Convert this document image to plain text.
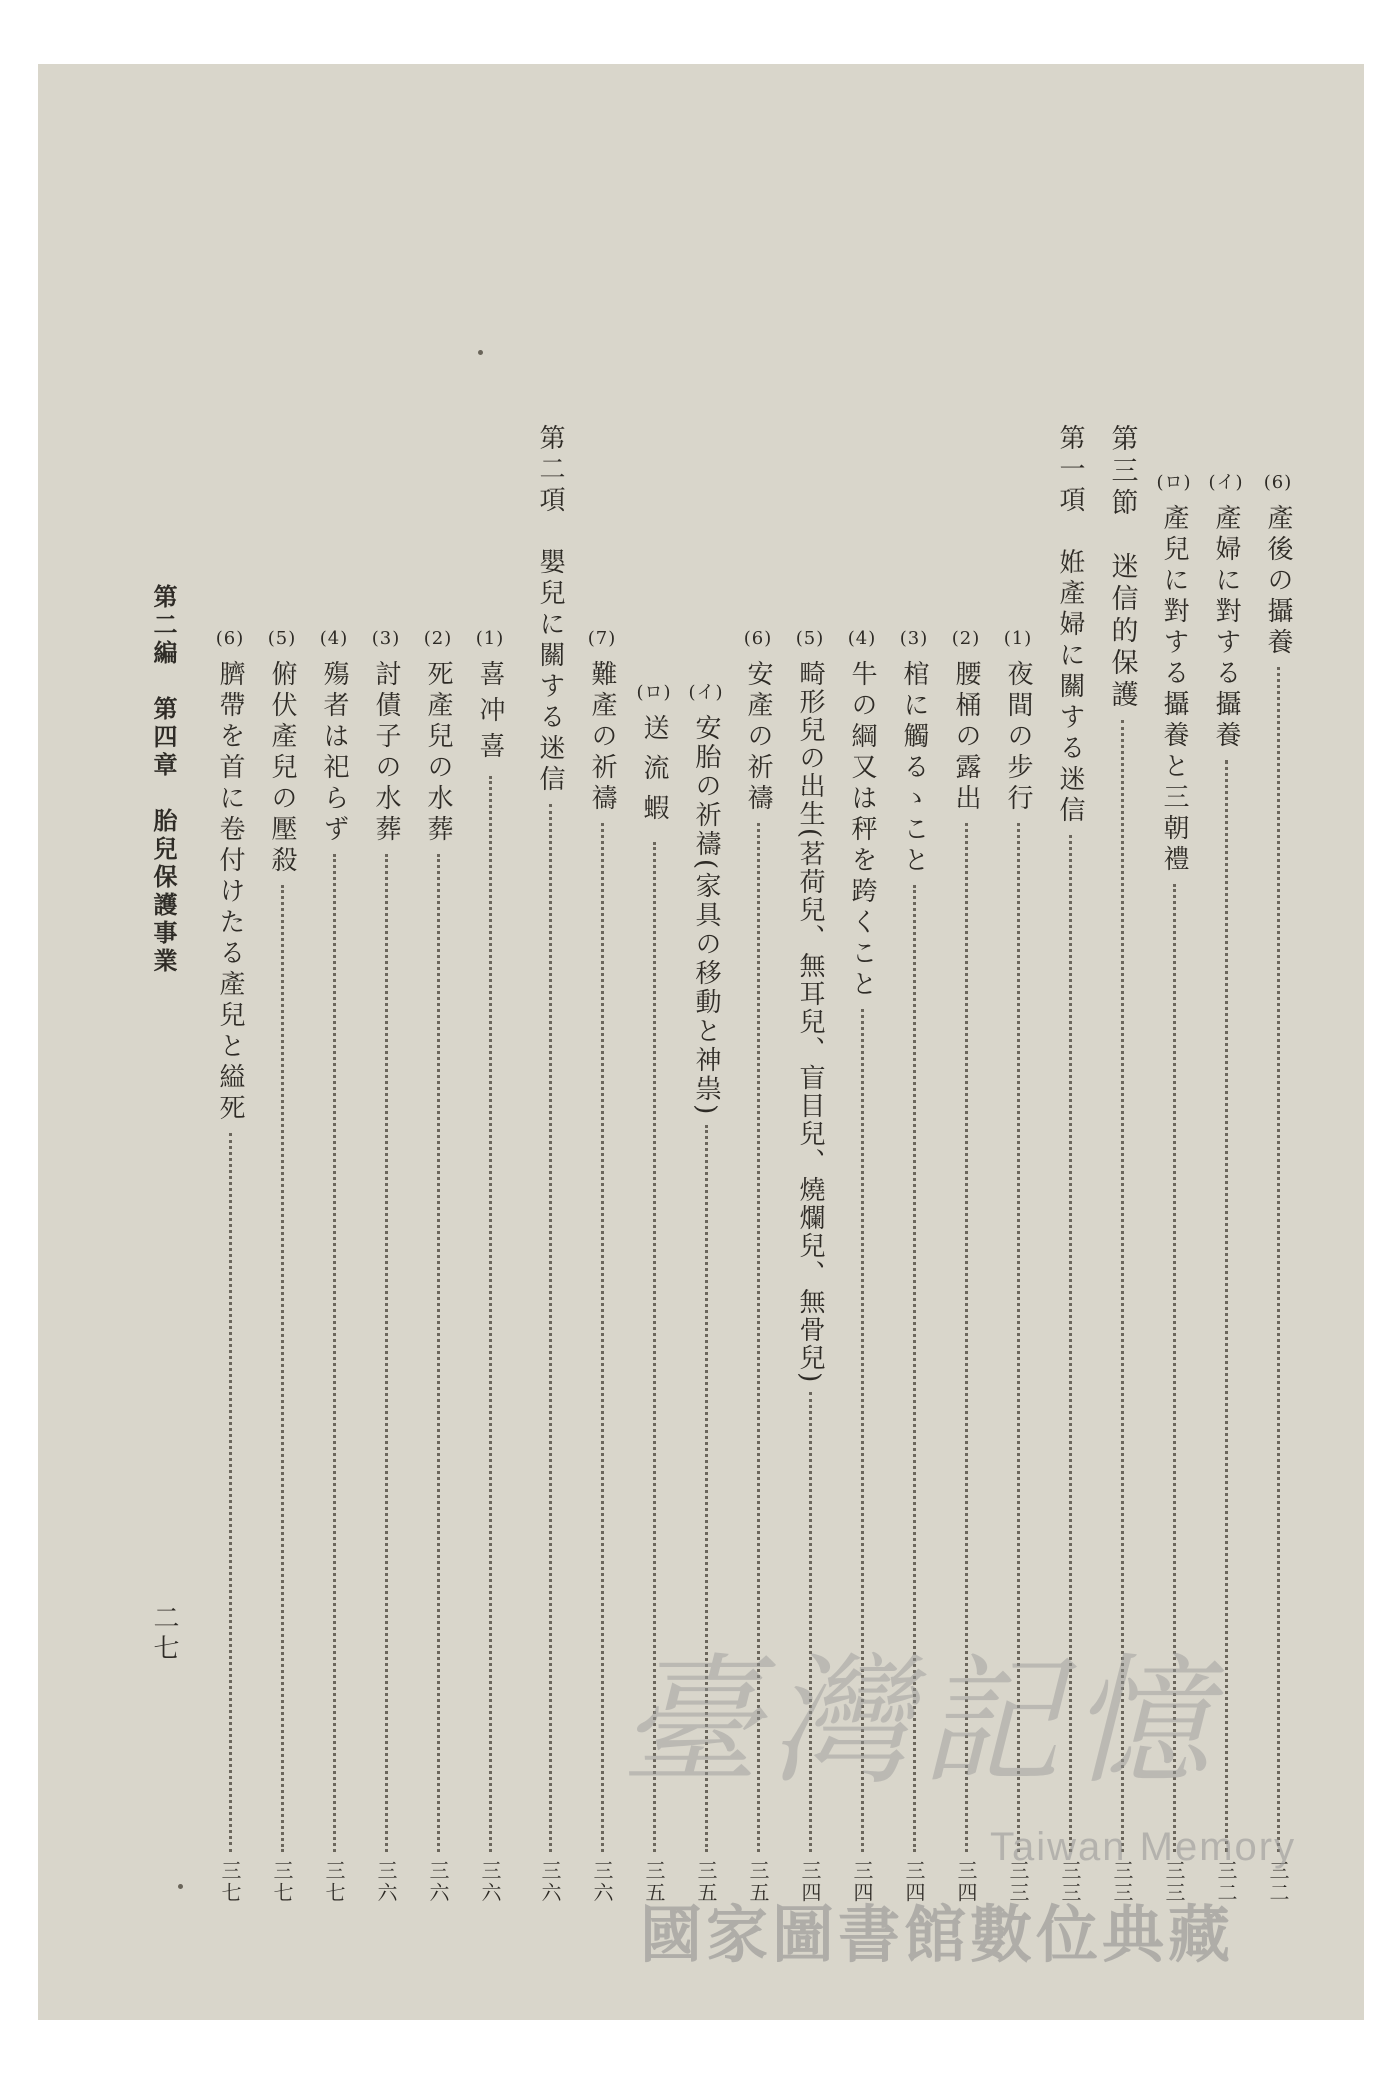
(6)
產後の攝養
三二
(イ)
產婦に對する攝養
三二
(ロ)
產兒に對する攝養と三朝禮
三三
第三節　迷信的保護
三三
第一項　姙產婦に關する迷信
三三
(1)
夜間の步行
三三
(2)
腰桶の露出
三四
(3)
棺に觸るゝこと
三四
(4)
牛の綱又は秤を跨くこと
三四
(5)
畸形兒の出生(茗荷兒、無耳兒、盲目兒、燒爛兒、無骨兒)
三四
(6)
安產の祈禱
三五
(イ)
安胎の祈禱(家具の移動と神祟)
三五
(ロ)
送流蝦
三五
(7)
難產の祈禱
三六
第二項　嬰兒に關する迷信
三六
(1)
喜冲喜
三六
(2)
死產兒の水葬
三六
(3)
討債子の水葬
三六
(4)
殤者は祀らず
三七
(5)
俯伏產兒の壓殺
三七
(6)
臍帶を首に卷付けたる產兒と縊死
三七
第二編　第四章　胎兒保護事業
二七
臺灣記憶
Taiwan Memory
國家圖書館數位典藏
